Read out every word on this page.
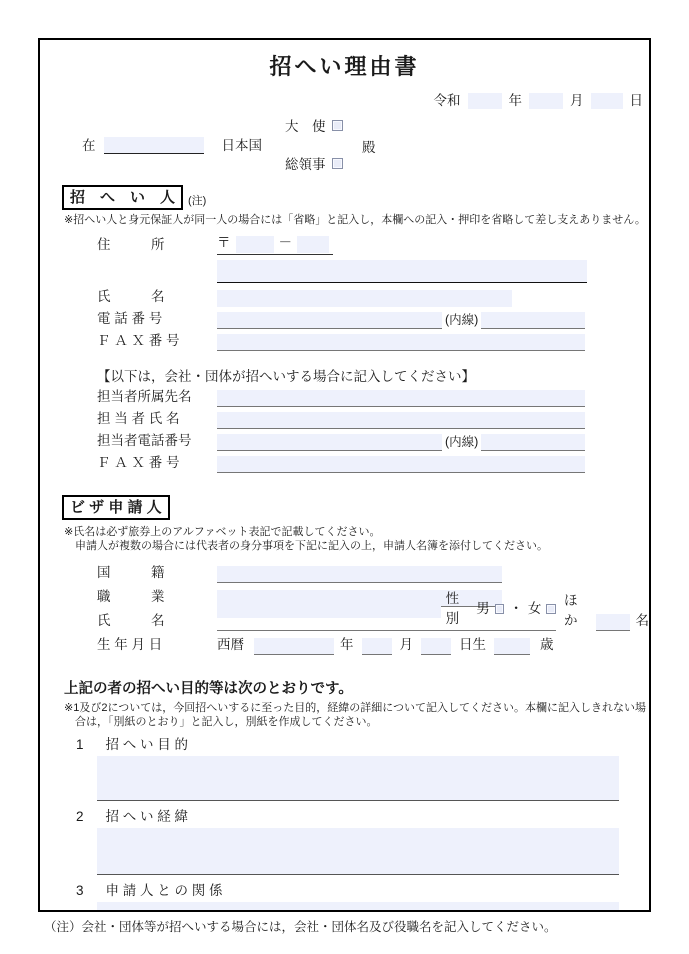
招へい理由書
令和	年	月	日
大　使
在	日本国	殿
総領事
招　へ　い　人	(注)
※招へい人と身元保証人が同一人の場合には「省略」と記入し，本欄への記入・押印を省略して差し支えありません。
住　　　所	〒	－
氏　　　名
電 話 番 号	(内線)
Ｆ Ａ Ｘ 番 号
【以下は，会社・団体が招へいする場合に記入してください】
担当者所属先名
担 当 者 氏 名
担当者電話番号	(内線)
Ｆ Ａ Ｘ 番 号
ビ ザ 申 請 人
※氏名は必ず旅券上のアルファベット表記で記載してください。
申請人が複数の場合には代表者の身分事項を下記に記入の上，申請人名簿を添付してください。
国　　　籍
職　　　業
氏　　　名
性別
男 ・ 女
ほか	名
生 年 月 日	西暦	年	月	日生	歳
上記の者の招へい目的等は次のとおりです。
※1及び2については，今回招へいするに至った目的，経緯の詳細について記入してください。本欄に記入しきれない場合は，「別紙のとおり」と記入し，別紙を作成してください。
1 招 へ い 目 的
2 招 へ い 経 緯
3 申 請 人 と の 関 係
（注）会社・団体等が招へいする場合には，会社・団体名及び役職名を記入してください。
